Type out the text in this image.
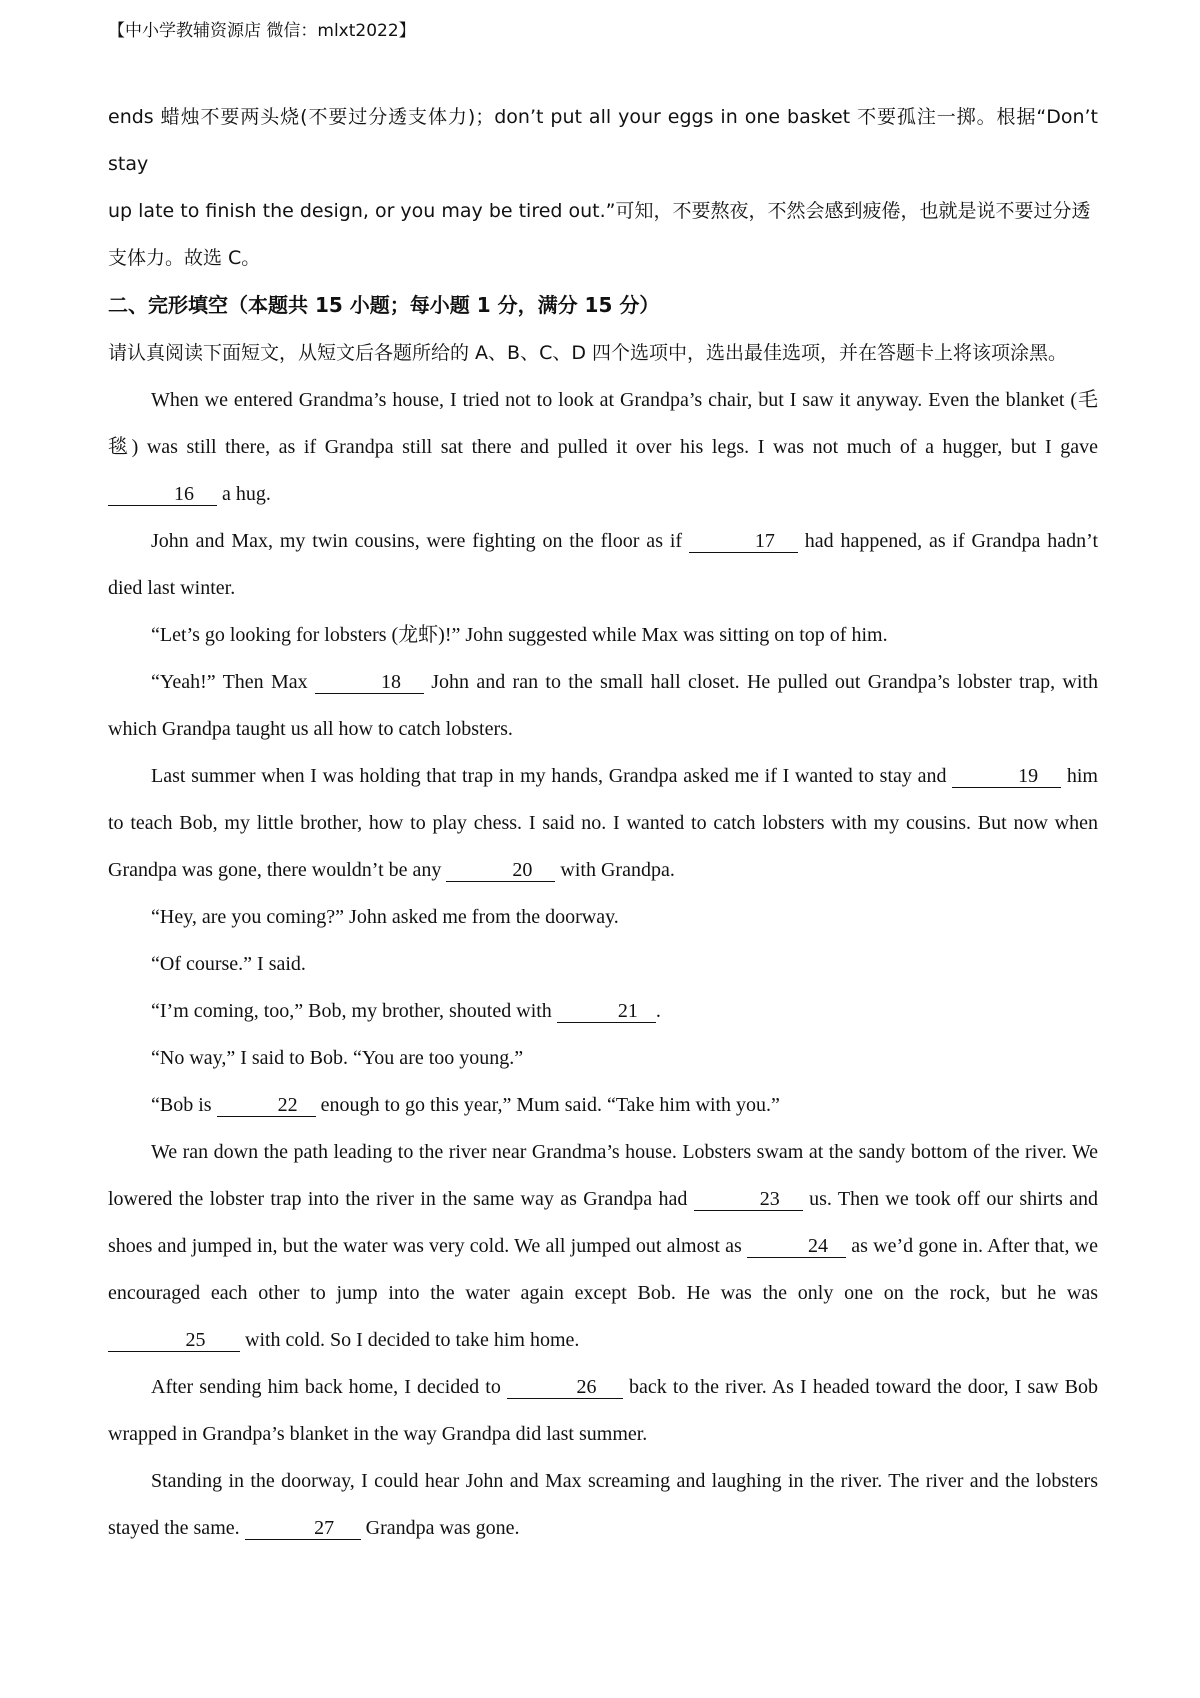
【中小学教辅资源店 微信：mlxt2022】

ends 蜡烛不要两头烧(不要过分透支体力)；don’t put all your eggs in one basket 不要孤注一掷。根据“Don’t stay

up late to finish the design, or you may be tired out.”可知，不要熬夜，不然会感到疲倦，也就是说不要过分透

支体力。故选 C。

二、完形填空（本题共 15 小题；每小题 1 分，满分 15 分）

请认真阅读下面短文，从短文后各题所给的 A、B、C、D 四个选项中，选出最佳选项，并在答题卡上将该项涂黑。

When we entered Grandma’s house, I tried not to look at Grandpa’s chair, but I saw it anyway. Even the blanket (毛毯) was still there, as if Grandpa still sat there and pulled it over his legs. I was not much of a hugger, but I gave 16 a hug.

John and Max, my twin cousins, were fighting on the floor as if	17 had happened, as if Grandpa hadn’t died last winter.

“Let’s go looking for lobsters (龙虾)!” John suggested while Max was sitting on top of him.

“Yeah!” Then Max	18 John and ran to the small hall closet. He pulled out Grandpa’s lobster trap, with which Grandpa taught us all how to catch lobsters.

Last summer when I was holding that trap in my hands, Grandpa asked me if I wanted to stay and	19 him to teach Bob, my little brother, how to play chess. I said no. I wanted to catch lobsters with my cousins. But now when Grandpa was gone, there wouldn’t be any	20 with Grandpa.

“Hey, are you coming?” John asked me from the doorway.

“Of course.” I said.

“I’m coming, too,” Bob, my brother, shouted with	21 .

“No way,” I said to Bob. “You are too young.”

“Bob is	22 enough to go this year,” Mum said. “Take him with you.”

We ran down the path leading to the river near Grandma’s house. Lobsters swam at the sandy bottom of the river. We lowered the lobster trap into the river in the same way as Grandpa had	23 us. Then we took off our shirts and shoes and jumped in, but the water was very cold. We all jumped out almost as	24 as we’d gone in. After that, we encouraged each other to jump into the water again except Bob. He was the only one on the rock, but he was 25 with cold. So I decided to take him home.

After sending him back home, I decided to	26 back to the river. As I headed toward the door, I saw Bob wrapped in Grandpa’s blanket in the way Grandpa did last summer.

Standing in the doorway, I could hear John and Max screaming and laughing in the river. The river and the lobsters stayed the same.	27 Grandpa was gone.
